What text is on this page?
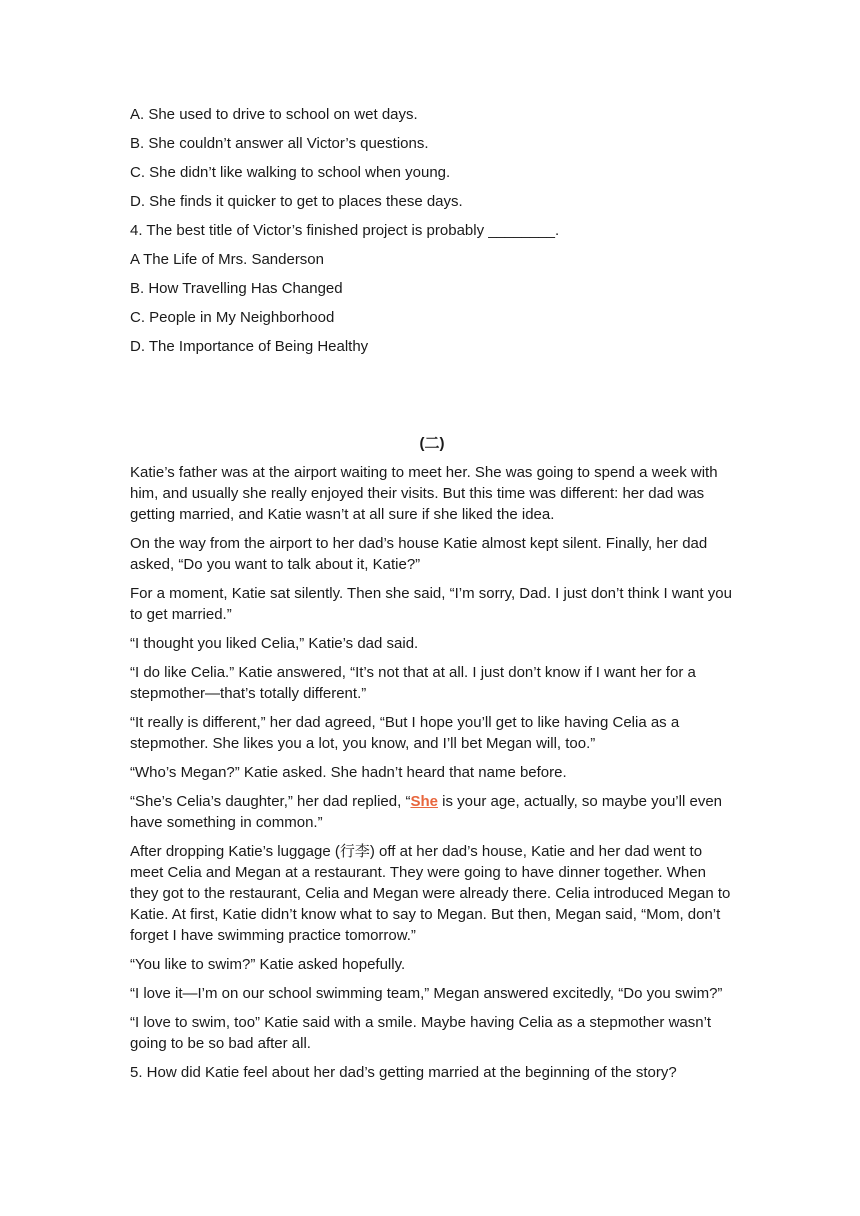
A. She used to drive to school on wet days.
B. She couldn’t answer all Victor’s questions.
C. She didn’t like walking to school when young.
D. She finds it quicker to get to places these days.
4. The best title of Victor’s finished project is probably ________.
A The Life of Mrs. Sanderson
B. How Travelling Has Changed
C. People in My Neighborhood
D. The Importance of Being Healthy
(二)
Katie’s father was at the airport waiting to meet her. She was going to spend a week with him, and usually she really enjoyed their visits. But this time was different: her dad was getting married, and Katie wasn’t at all sure if she liked the idea.
On the way from the airport to her dad’s house Katie almost kept silent. Finally, her dad asked, “Do you want to talk about it, Katie?”
For a moment, Katie sat silently. Then she said, “I’m sorry, Dad. I just don’t think I want you to get married.”
“I thought you liked Celia,” Katie’s dad said.
“I do like Celia.” Katie answered, “It’s not that at all. I just don’t know if I want her for a stepmother—that’s totally different.”
“It really is different,” her dad agreed, “But I hope you’ll get to like having Celia as a stepmother. She likes you a lot, you know, and I’ll bet Megan will, too.”
“Who’s Megan?” Katie asked. She hadn’t heard that name before.
“She’s Celia’s daughter,” her dad replied, “She is your age, actually, so maybe you’ll even have something in common.”
After dropping Katie’s luggage (行李) off at her dad’s house, Katie and her dad went to meet Celia and Megan at a restaurant. They were going to have dinner together. When they got to the restaurant, Celia and Megan were already there. Celia introduced Megan to Katie. At first, Katie didn’t know what to say to Megan. But then, Megan said, “Mom, don’t forget I have swimming practice tomorrow.”
“You like to swim?” Katie asked hopefully.
“I love it—I’m on our school swimming team,” Megan answered excitedly, “Do you swim?”
“I love to swim, too” Katie said with a smile. Maybe having Celia as a stepmother wasn’t going to be so bad after all.
5. How did Katie feel about her dad’s getting married at the beginning of the story?
